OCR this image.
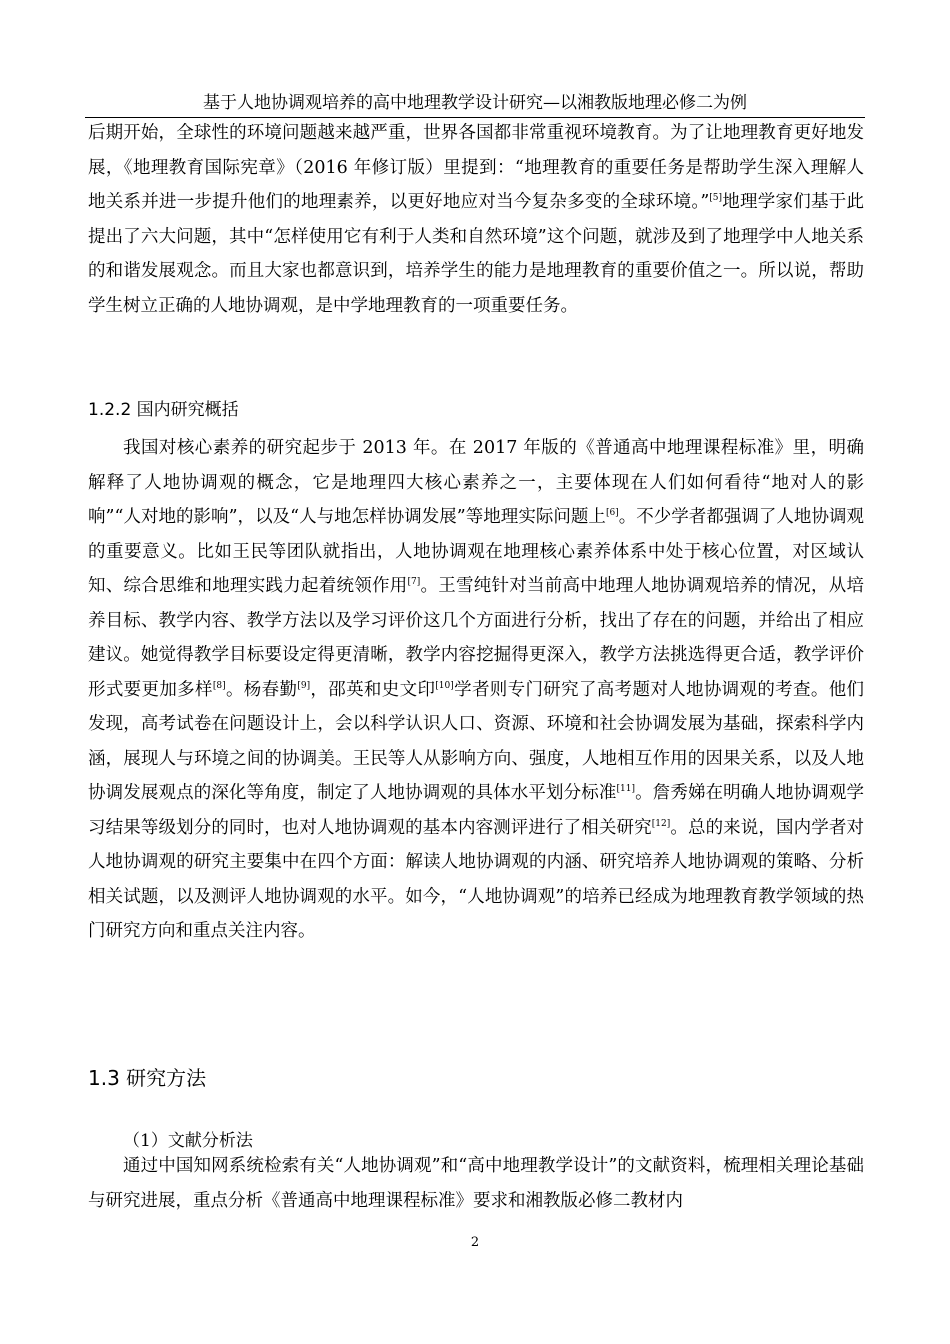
基于人地协调观培养的高中地理教学设计研究—以湘教版地理必修二为例

后期开始，全球性的环境问题越来越严重，世界各国都非常重视环境教育。为了让地理教育更好地发展，《地理教育国际宪章》（2016 年修订版）里提到：“地理教育的重要任务是帮助学生深入理解人地关系并进一步提升他们的地理素养，以更好地应对当今复杂多变的全球环境。”[5]地理学家们基于此提出了六大问题，其中“怎样使用它有利于人类和自然环境”这个问题，就涉及到了地理学中人地关系的和谐发展观念。而且大家也都意识到，培养学生的能力是地理教育的重要价值之一。所以说，帮助学生树立正确的人地协调观，是中学地理教育的一项重要任务。

1.2.2 国内研究概括

我国对核心素养的研究起步于 2013 年。在 2017 年版的《普通高中地理课程标准》里，明确解释了人地协调观的概念，它是地理四大核心素养之一，主要体现在人们如何看待“地对人的影响”“人对地的影响”，以及“人与地怎样协调发展”等地理实际问题上[6]。不少学者都强调了人地协调观的重要意义。比如王民等团队就指出，人地协调观在地理核心素养体系中处于核心位置，对区域认知、综合思维和地理实践力起着统领作用[7]。王雪纯针对当前高中地理人地协调观培养的情况，从培养目标、教学内容、教学方法以及学习评价这几个方面进行分析，找出了存在的问题，并给出了相应建议。她觉得教学目标要设定得更清晰，教学内容挖掘得更深入，教学方法挑选得更合适，教学评价形式要更加多样[8]。杨春勤[9]，邵英和史文印[10]学者则专门研究了高考题对人地协调观的考查。他们发现，高考试卷在问题设计上，会以科学认识人口、资源、环境和社会协调发展为基础，探索科学内涵，展现人与环境之间的协调美。王民等人从影响方向、强度，人地相互作用的因果关系，以及人地协调发展观点的深化等角度，制定了人地协调观的具体水平划分标准[11]。詹秀娣在明确人地协调观学习结果等级划分的同时，也对人地协调观的基本内容测评进行了相关研究[12]。总的来说，国内学者对人地协调观的研究主要集中在四个方面：解读人地协调观的内涵、研究培养人地协调观的策略、分析相关试题，以及测评人地协调观的水平。如今，“人地协调观”的培养已经成为地理教育教学领域的热门研究方向和重点关注内容。

1.3 研究方法
（1）文献分析法

通过中国知网系统检索有关“人地协调观”和“高中地理教学设计”的文献资料，梳理相关理论基础与研究进展，重点分析《普通高中地理课程标准》要求和湘教版必修二教材内

2
